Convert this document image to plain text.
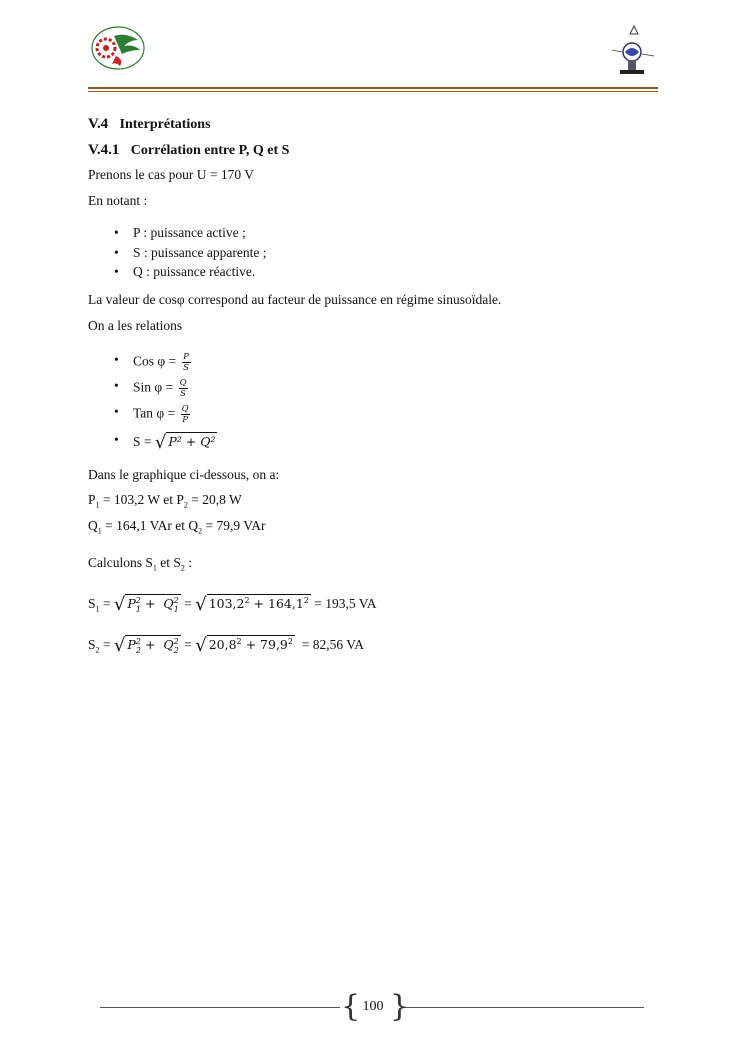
∙ ∙ ∙ ∙ ∙ ∙ ∙ ∙
V.4 Interprétations
V.4.1 Corrélation entre P, Q et S
Prenons le cas pour U = 170 V
En notant :
• P : puissance active ;
• S : puissance apparente ;
• Q : puissance réactive.
La valeur de cosφ correspond au facteur de puissance en régime sinusoïdale.
On a les relations
• Cos $\varphi = \frac{P}{S}$
• Sin $\varphi = \frac{Q}{S}$
• Tan $\varphi = \frac{Q}{P}$
• S = √ P² + Q²
Dans le graphique ci-dessous, on a:
$P_1 = 103,2$ W et $P_2 = 20,8$ W
$Q_1 = 164,1$ VAr et $Q_2 = 79,9$ VAr
Calculons $S_1$ et $S_2$ :
$S_1$ = √ $P^2_1 + Q^2_1$ = √ $103,2^2 + 164,1^2 = 193,5$ VA
$S_2$ = √ $P^2_2 + Q^2_2$ = √ $20,8^2 + 79,9^2 = 82,56$ VA
{ }
100
